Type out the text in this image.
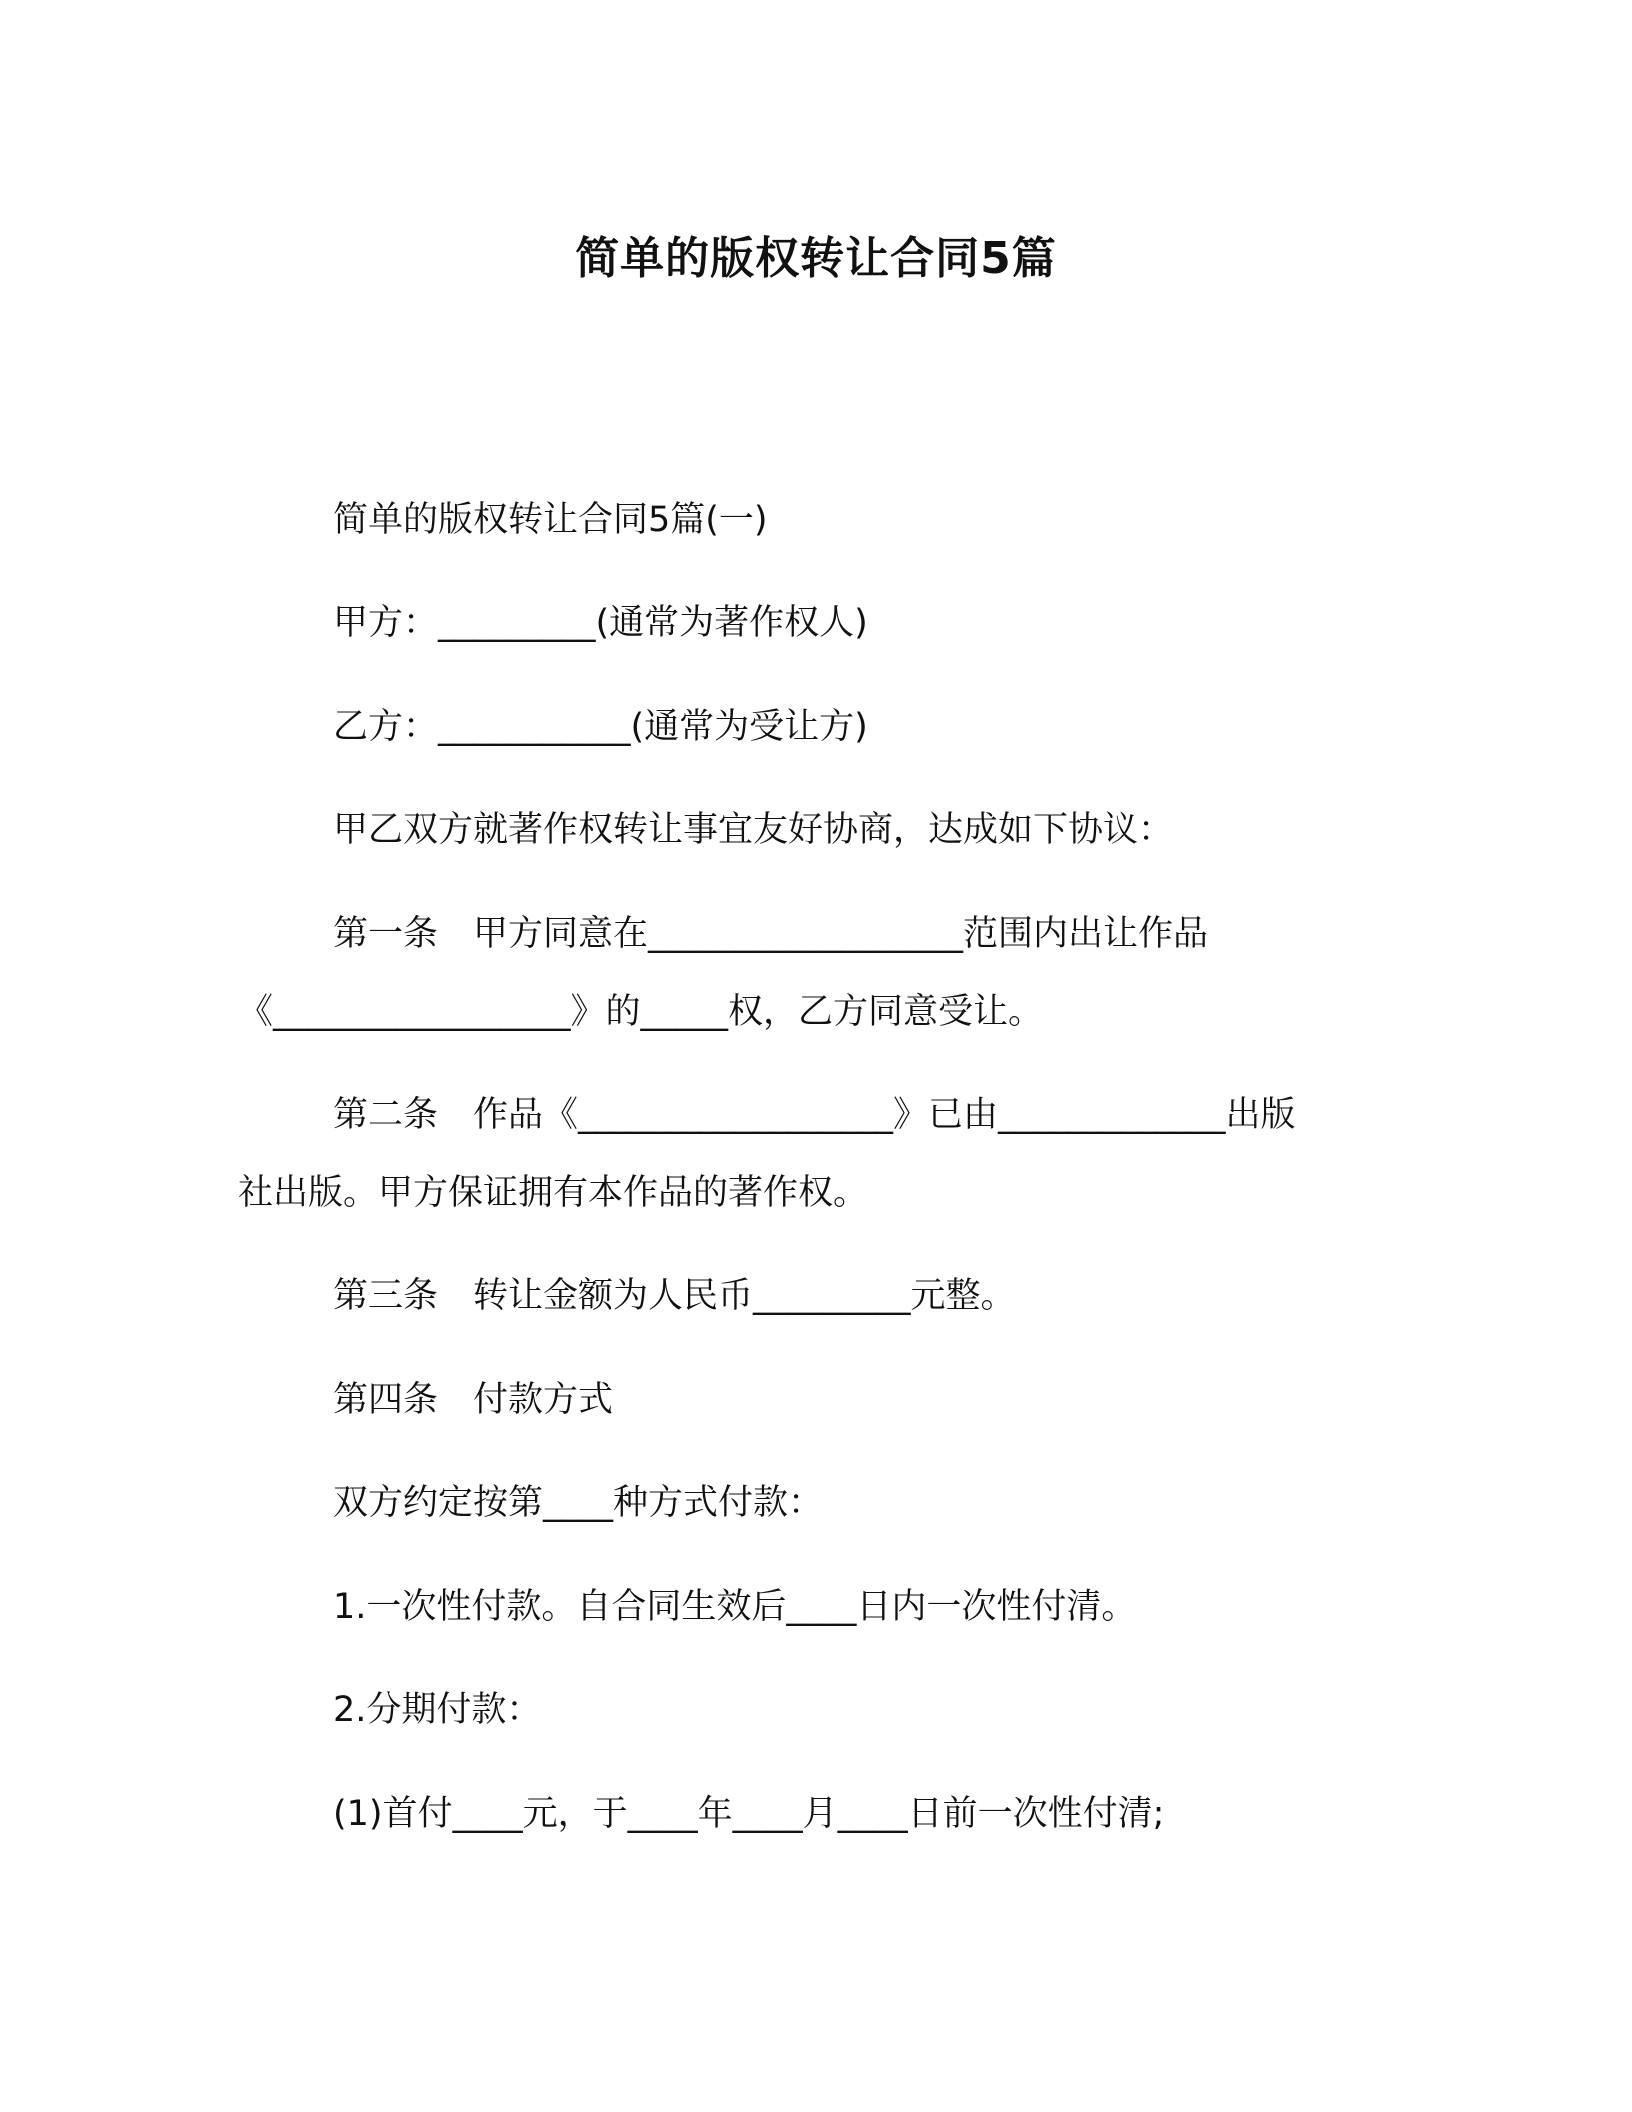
简单的版权转让合同5篇
简单的版权转让合同5篇(一)
甲方：_________(通常为著作权人)
乙方：___________(通常为受让方)
甲乙双方就著作权转让事宜友好协商，达成如下协议：
第一条　甲方同意在__________________范围内出让作品
《_________________》的_____权，乙方同意受让。
第二条　作品《__________________》已由_____________出版
社出版。甲方保证拥有本作品的著作权。
第三条　转让金额为人民币_________元整。
第四条　付款方式
双方约定按第____种方式付款：
1.一次性付款。自合同生效后____日内一次性付清。
2.分期付款：
(1)首付____元，于____年____月____日前一次性付清;
